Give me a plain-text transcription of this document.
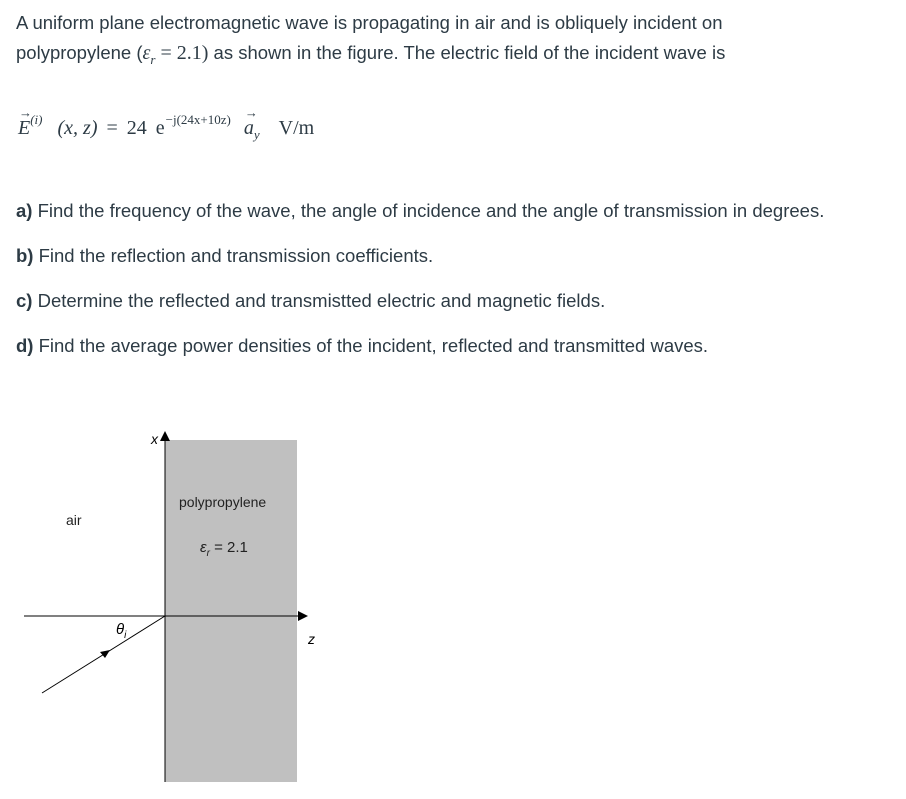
A uniform plane electromagnetic wave is propagating in air and is obliquely incident on
polypropylene $(\varepsilon_r = 2.1)$ as shown in the figure. The electric field of the incident wave is
→ $E^{(i)}$ (x, z) = 24 $e^{-j(24x+10z)} \to a_y$ V/m
a) Find the frequency of the wave, the angle of incidence and the angle of transmission in degrees.
b) Find the reflection and transmission coefficients.
c) Determine the reflected and transmistted electric and magnetic fields.
d) Find the average power densities of the incident, reflected and transmitted waves.
x
z
air
polypropylene
$\varepsilon_r = 2.1$
$\theta_i$
